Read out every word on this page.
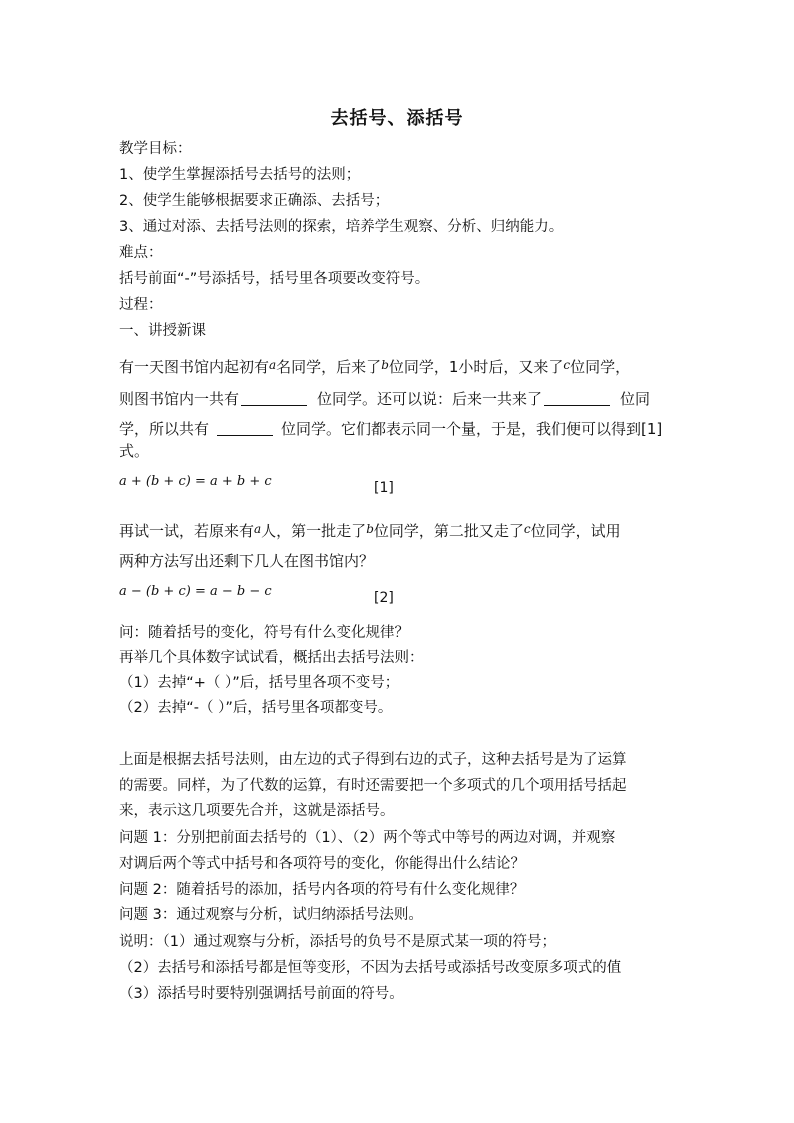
去括号、添括号
教学目标：
1、使学生掌握添括号去括号的法则；
2、使学生能够根据要求正确添、去括号；
3、通过对添、去括号法则的探索，培养学生观察、分析、归纳能力。
难点：
括号前面“-”号添括号，括号里各项要改变符号。
过程：
一、讲授新课
有一天图书馆内起初有$^a$名同学，后来了$^b$位同学，1小时后，又来了$^c$位同学，
则图书馆内一共有	位同学。还可以说：后来一共来了	位同
学，所以共有	位同学。它们都表示同一个量，于是，我们便可以得到[1]
式。
a + (b + c) = a + b + c	[1]
再试一试，若原来有$^a$人，第一批走了$^b$位同学，第二批又走了$^c$位同学，试用
两种方法写出还剩下几人在图书馆内？
a − (b + c) = a − b − c	[2]
问：随着括号的变化，符号有什么变化规律？
再举几个具体数字试试看，概括出去括号法则：
（1）去掉“+（ ）”后，括号里各项不变号；
（2）去掉“-（ ）”后，括号里各项都变号。
上面是根据去括号法则，由左边的式子得到右边的式子，这种去括号是为了运算
的需要。同样，为了代数的运算，有时还需要把一个多项式的几个项用括号括起
来，表示这几项要先合并，这就是添括号。
问题 1：分别把前面去括号的（1）、（2）两个等式中等号的两边对调，并观察
对调后两个等式中括号和各项符号的变化，你能得出什么结论？
问题 2：随着括号的添加，括号内各项的符号有什么变化规律？
问题 3：通过观察与分析，试归纳添括号法则。
说明：（1）通过观察与分析，添括号的负号不是原式某一项的符号；
（2）去括号和添括号都是恒等变形，不因为去括号或添括号改变原多项式的值
（3）添括号时要特别强调括号前面的符号。
